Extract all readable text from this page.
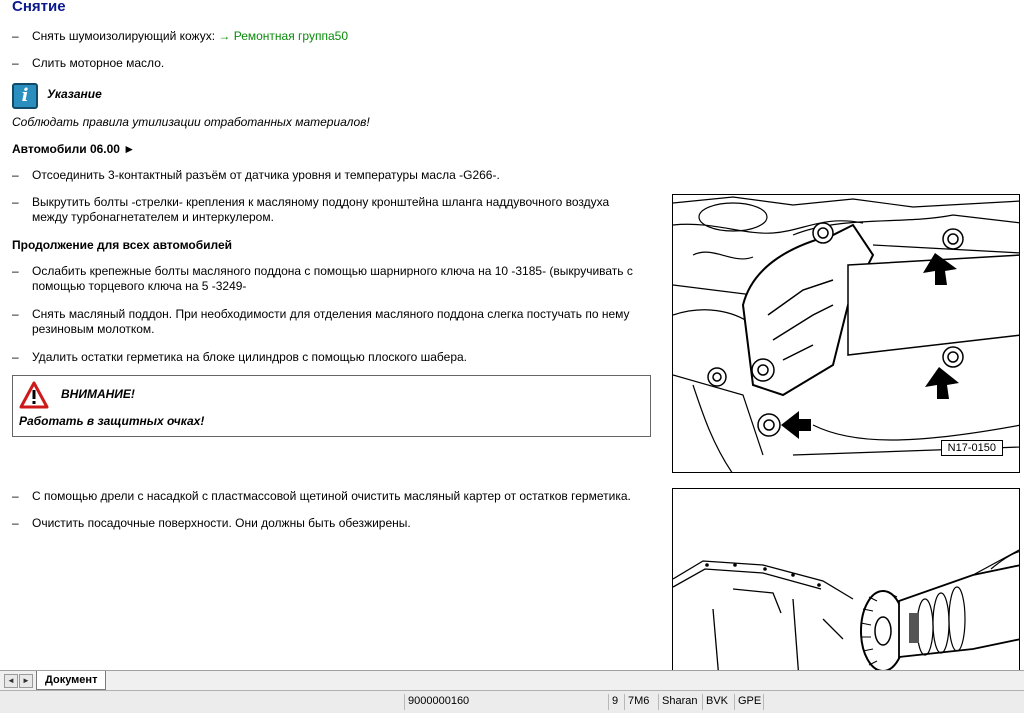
Снятие
– Снять шумоизолирующий кожух: → Ремонтная группа50
– Слить моторное масло.
i	Указание
Соблюдать правила утилизации отработанных материалов!
Автомобили 06.00 ►
– Отсоединить 3-контактный разъём от датчика уровня и температуры масла -G266-.
– Выкрутить болты -стрелки- крепления к масляному поддону кронштейна шланга наддувочного воздуха
между турбонагнетателем и интеркулером.
Продолжение для всех автомобилей
– Ослабить крепежные болты масляного поддона с помощью шарнирного ключа на 10 -3185- (выкручивать с
помощью торцевого ключа на 5 -3249-
– Снять масляный поддон. При необходимости для отделения масляного поддона слегка постучать по нему
резиновым молотком.
– Удалить остатки герметика на блоке цилиндров с помощью плоского шабера.
ВНИМАНИЕ!
Работать в защитных очках!
– С помощью дрели с насадкой с пластмассовой щетиной очистить масляный картер от остатков герметика.
– Очистить посадочные поверхности. Они должны быть обезжирены.
N17-0150
◄ ►	Документ
9000000160	9 7M6	Sharan BVK GPE
